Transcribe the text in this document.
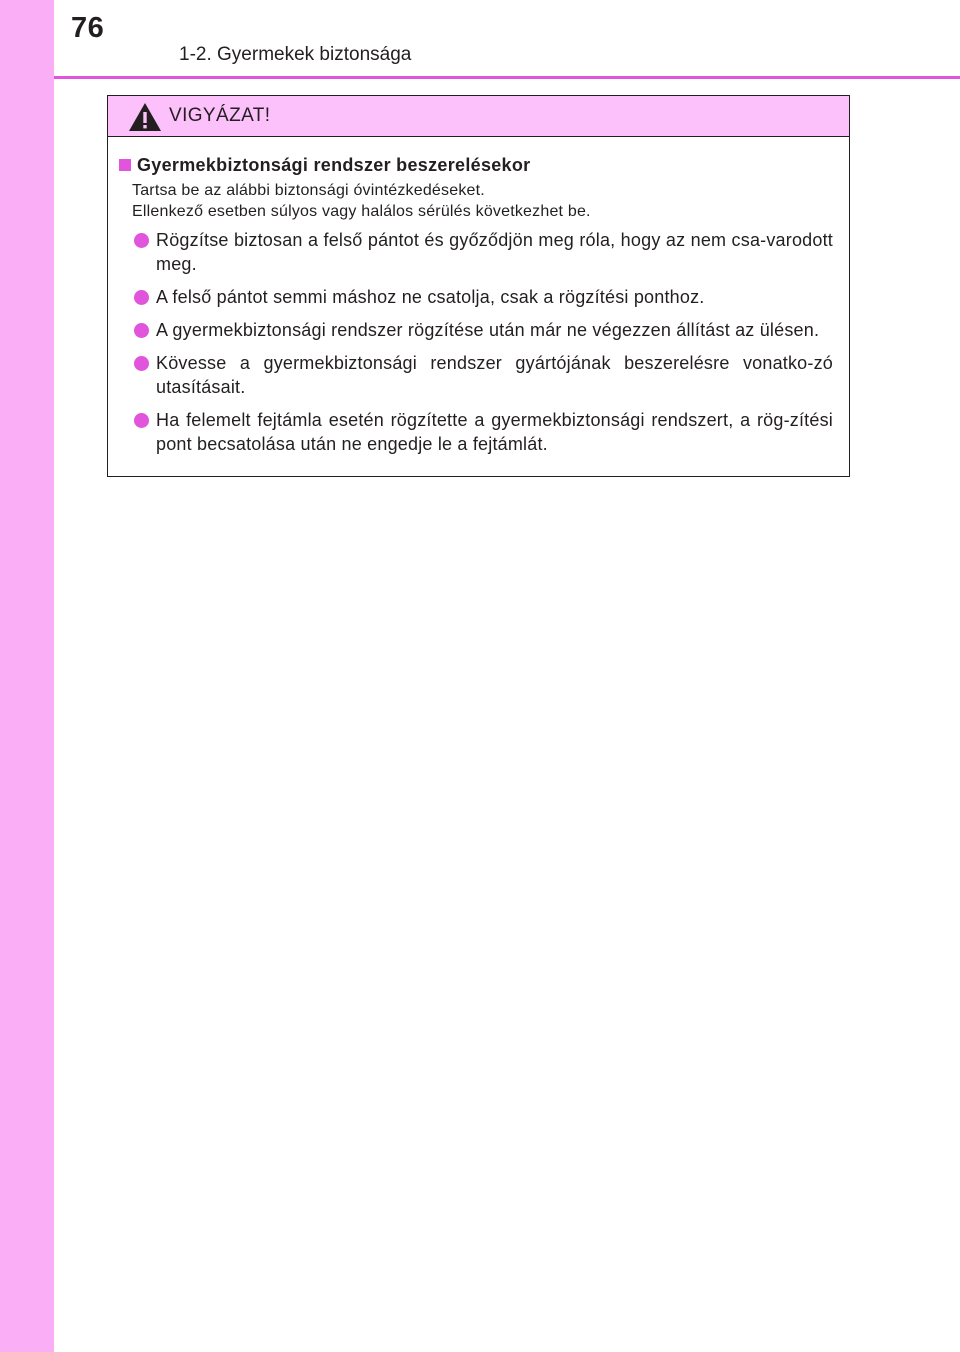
76
1-2. Gyermekek biztonsága
VIGYÁZAT!
Gyermekbiztonsági rendszer beszerelésekor
Tartsa be az alábbi biztonsági óvintézkedéseket.
Ellenkező esetben súlyos vagy halálos sérülés következhet be.
Rögzítse biztosan a felső pántot és győződjön meg róla, hogy az nem csa-varodott meg.
A felső pántot semmi máshoz ne csatolja, csak a rögzítési ponthoz.
A gyermekbiztonsági rendszer rögzítése után már ne végezzen állítást az ülésen.
Kövesse a gyermekbiztonsági rendszer gyártójának beszerelésre vonatko-zó utasításait.
Ha felemelt fejtámla esetén rögzítette a gyermekbiztonsági rendszert, a rög-zítési pont becsatolása után ne engedje le a fejtámlát.
